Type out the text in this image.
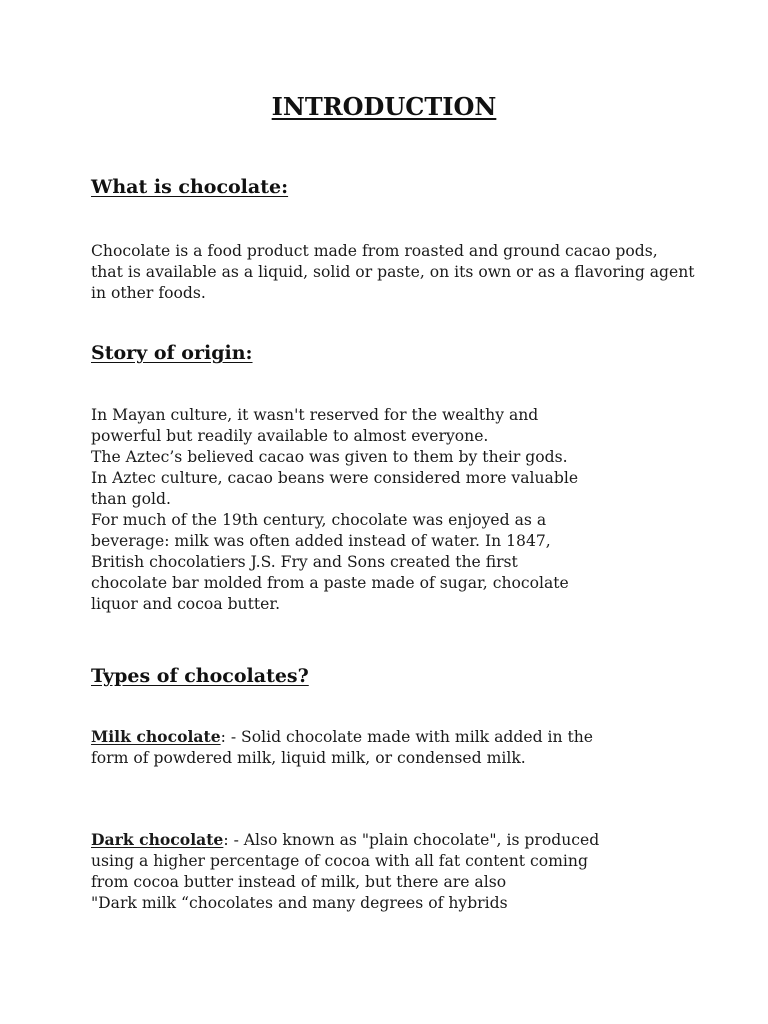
INTRODUCTION
What is chocolate:
Chocolate is a food product made from roasted and ground cacao pods,
that is available as a liquid, solid or paste, on its own or as a flavoring agent
in other foods.
Story of origin:
In Mayan culture, it wasn't reserved for the wealthy and
powerful but readily available to almost everyone.
The Aztec’s believed cacao was given to them by their gods.
In Aztec culture, cacao beans were considered more valuable
than gold.
For much of the 19th century, chocolate was enjoyed as a
beverage: milk was often added instead of water. In 1847,
British chocolatiers J.S. Fry and Sons created the first
chocolate bar molded from a paste made of sugar, chocolate
liquor and cocoa butter.
Types of chocolates?
Milk chocolate: - Solid chocolate made with milk added in the
form of powdered milk, liquid milk, or condensed milk.
Dark chocolate: - Also known as "plain chocolate", is produced
using a higher percentage of cocoa with all fat content coming
from cocoa butter instead of milk, but there are also
"Dark milk “chocolates and many degrees of hybrids
